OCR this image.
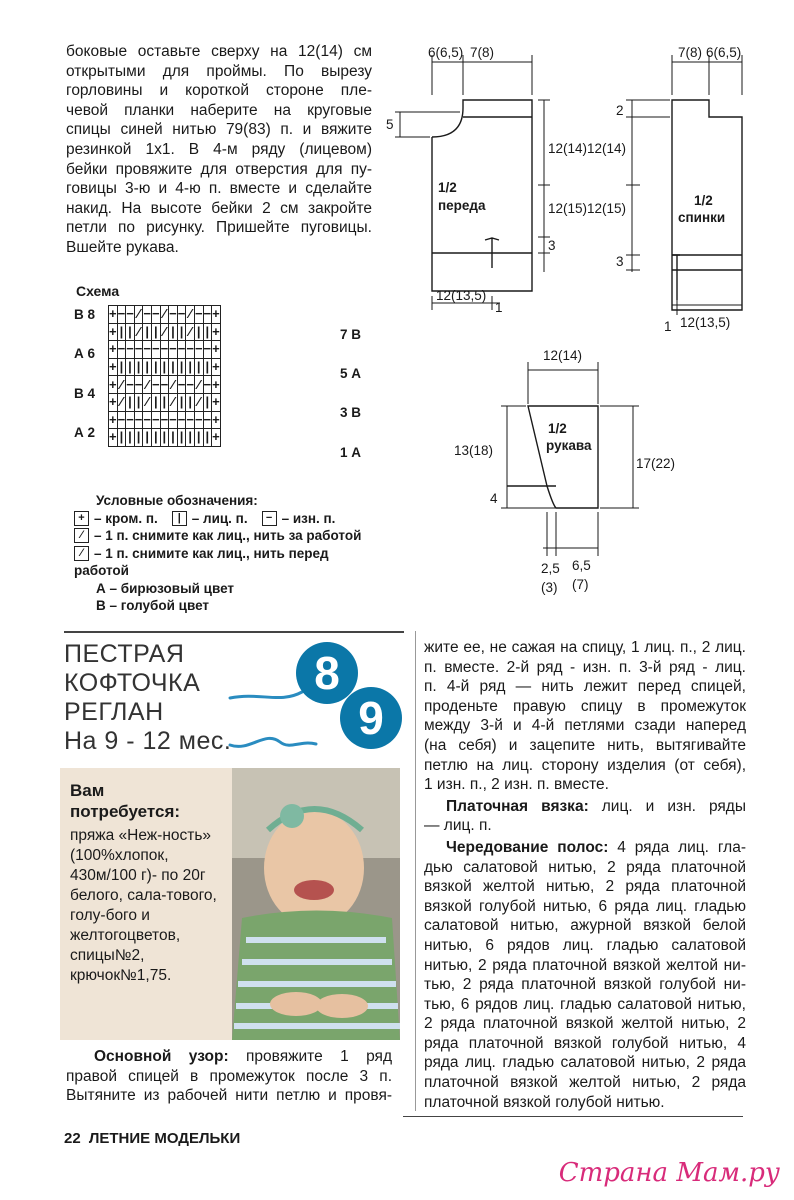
боковые оставьте сверху на 12(14) см
открытыми для проймы. По вырезу
горловины и короткой стороне пле-
чевой планки наберите на круговые
спицы синей нитью 79(83) п. и вяжите
резинкой 1х1. В 4-м ряду (лицевом)
бейки провяжите для отверстия для пу-
говицы 3-ю и 4-ю п. вместе и сделайте
накид. На высоте бейки 2 см закройте
петли по рисунку. Пришейте пуговицы.
Вшейте рукава.
Схема
+	−	−	⁄	−	−	⁄	−	−	⁄	−	−	+
+	|	|	⁄	|	|	⁄	|	|	⁄	|	|	+
+	−	−	−	−	−	−	−	−	−	−	−	+
+	|	|	|	|	|	|	|	|	|	|	|	+
+	⁄	−	−	⁄	−	−	⁄	−	−	⁄	−	+
+	⁄	|	|	⁄	|	|	⁄	|	|	⁄	|	+
+	−	−	−	−	−	−	−	−	−	−	−	+
+	|	|	|	|	|	|	|	|	|	|	|	+
В 8
А 6
В 4
А 2
7 В
5 А
3 В
1 А
Условные обозначения:
+ – кром. п.	| – лиц. п.	− – изн. п.
⁄ – 1 п. снимите как лиц., нить за работой
⁄ – 1 п. снимите как лиц., нить перед
работой
А – бирюзовый цвет
В – голубой цвет
6(6,5) 7(8)
5
12(14)
12(15)
3
1/2
переда
12(13,5)
1
7(8) 6(6,5)
2
12(14)
12(15)
3
1/2
спинки
12(13,5)
1
12(14)
13(18)
17(22)
4
1/2
рукава
2,5
(3)
6,5
(7)
ПЕСТРАЯ
КОФТОЧКА
РЕГЛАН
На 9 - 12 мес.
8
9
Вам
потребуется:
пряжа «Неж-ность» (100%хлопок, 430м/100 г)- по 20г белого, сала-тового, голу-бого и желтогоцветов, спицы№2, крючок№1,75.
Основной узор: провяжите 1 ряд
правой спицей в промежуток после 3 п.
Вытяните из рабочей нити петлю и провя-
жите ее, не сажая на спицу, 1 лиц. п., 2 лиц.
п. вместе. 2-й ряд - изн. п. 3-й ряд - лиц.
п. 4-й ряд — нить лежит перед спицей,
проденьте правую спицу в промежуток
между 3-й и 4-й петлями сзади наперед
(на себя) и зацепите нить, вытягивайте
петлю на лиц. сторону изделия (от себя),
1 изн. п., 2 изн. п. вместе.
Платочная вязка: лиц. и изн. ряды
— лиц. п.
Чередование полос: 4 ряда лиц. гла-
дью салатовой нитью, 2 ряда платочной
вязкой желтой нитью, 2 ряда платочной
вязкой голубой нитью, 6 ряда лиц. гладью
салатовой нитью, ажурной вязкой белой
нитью, 6 рядов лиц. гладью салатовой
нитью, 2 ряда платочной вязкой желтой ни-
тью, 2 ряда платочной вязкой голубой ни-
тью, 6 рядов лиц. гладью салатовой нитью,
2 ряда платочной вязкой желтой нитью, 2
ряда платочной вязкой голубой нитью, 4
ряда лиц. гладью салатовой нитью, 2 ряда
платочной вязкой желтой нитью, 2 ряда
платочной вязкой голубой нитью.
22 ЛЕТНИЕ МОДЕЛЬКИ
Страна Мам.ру
